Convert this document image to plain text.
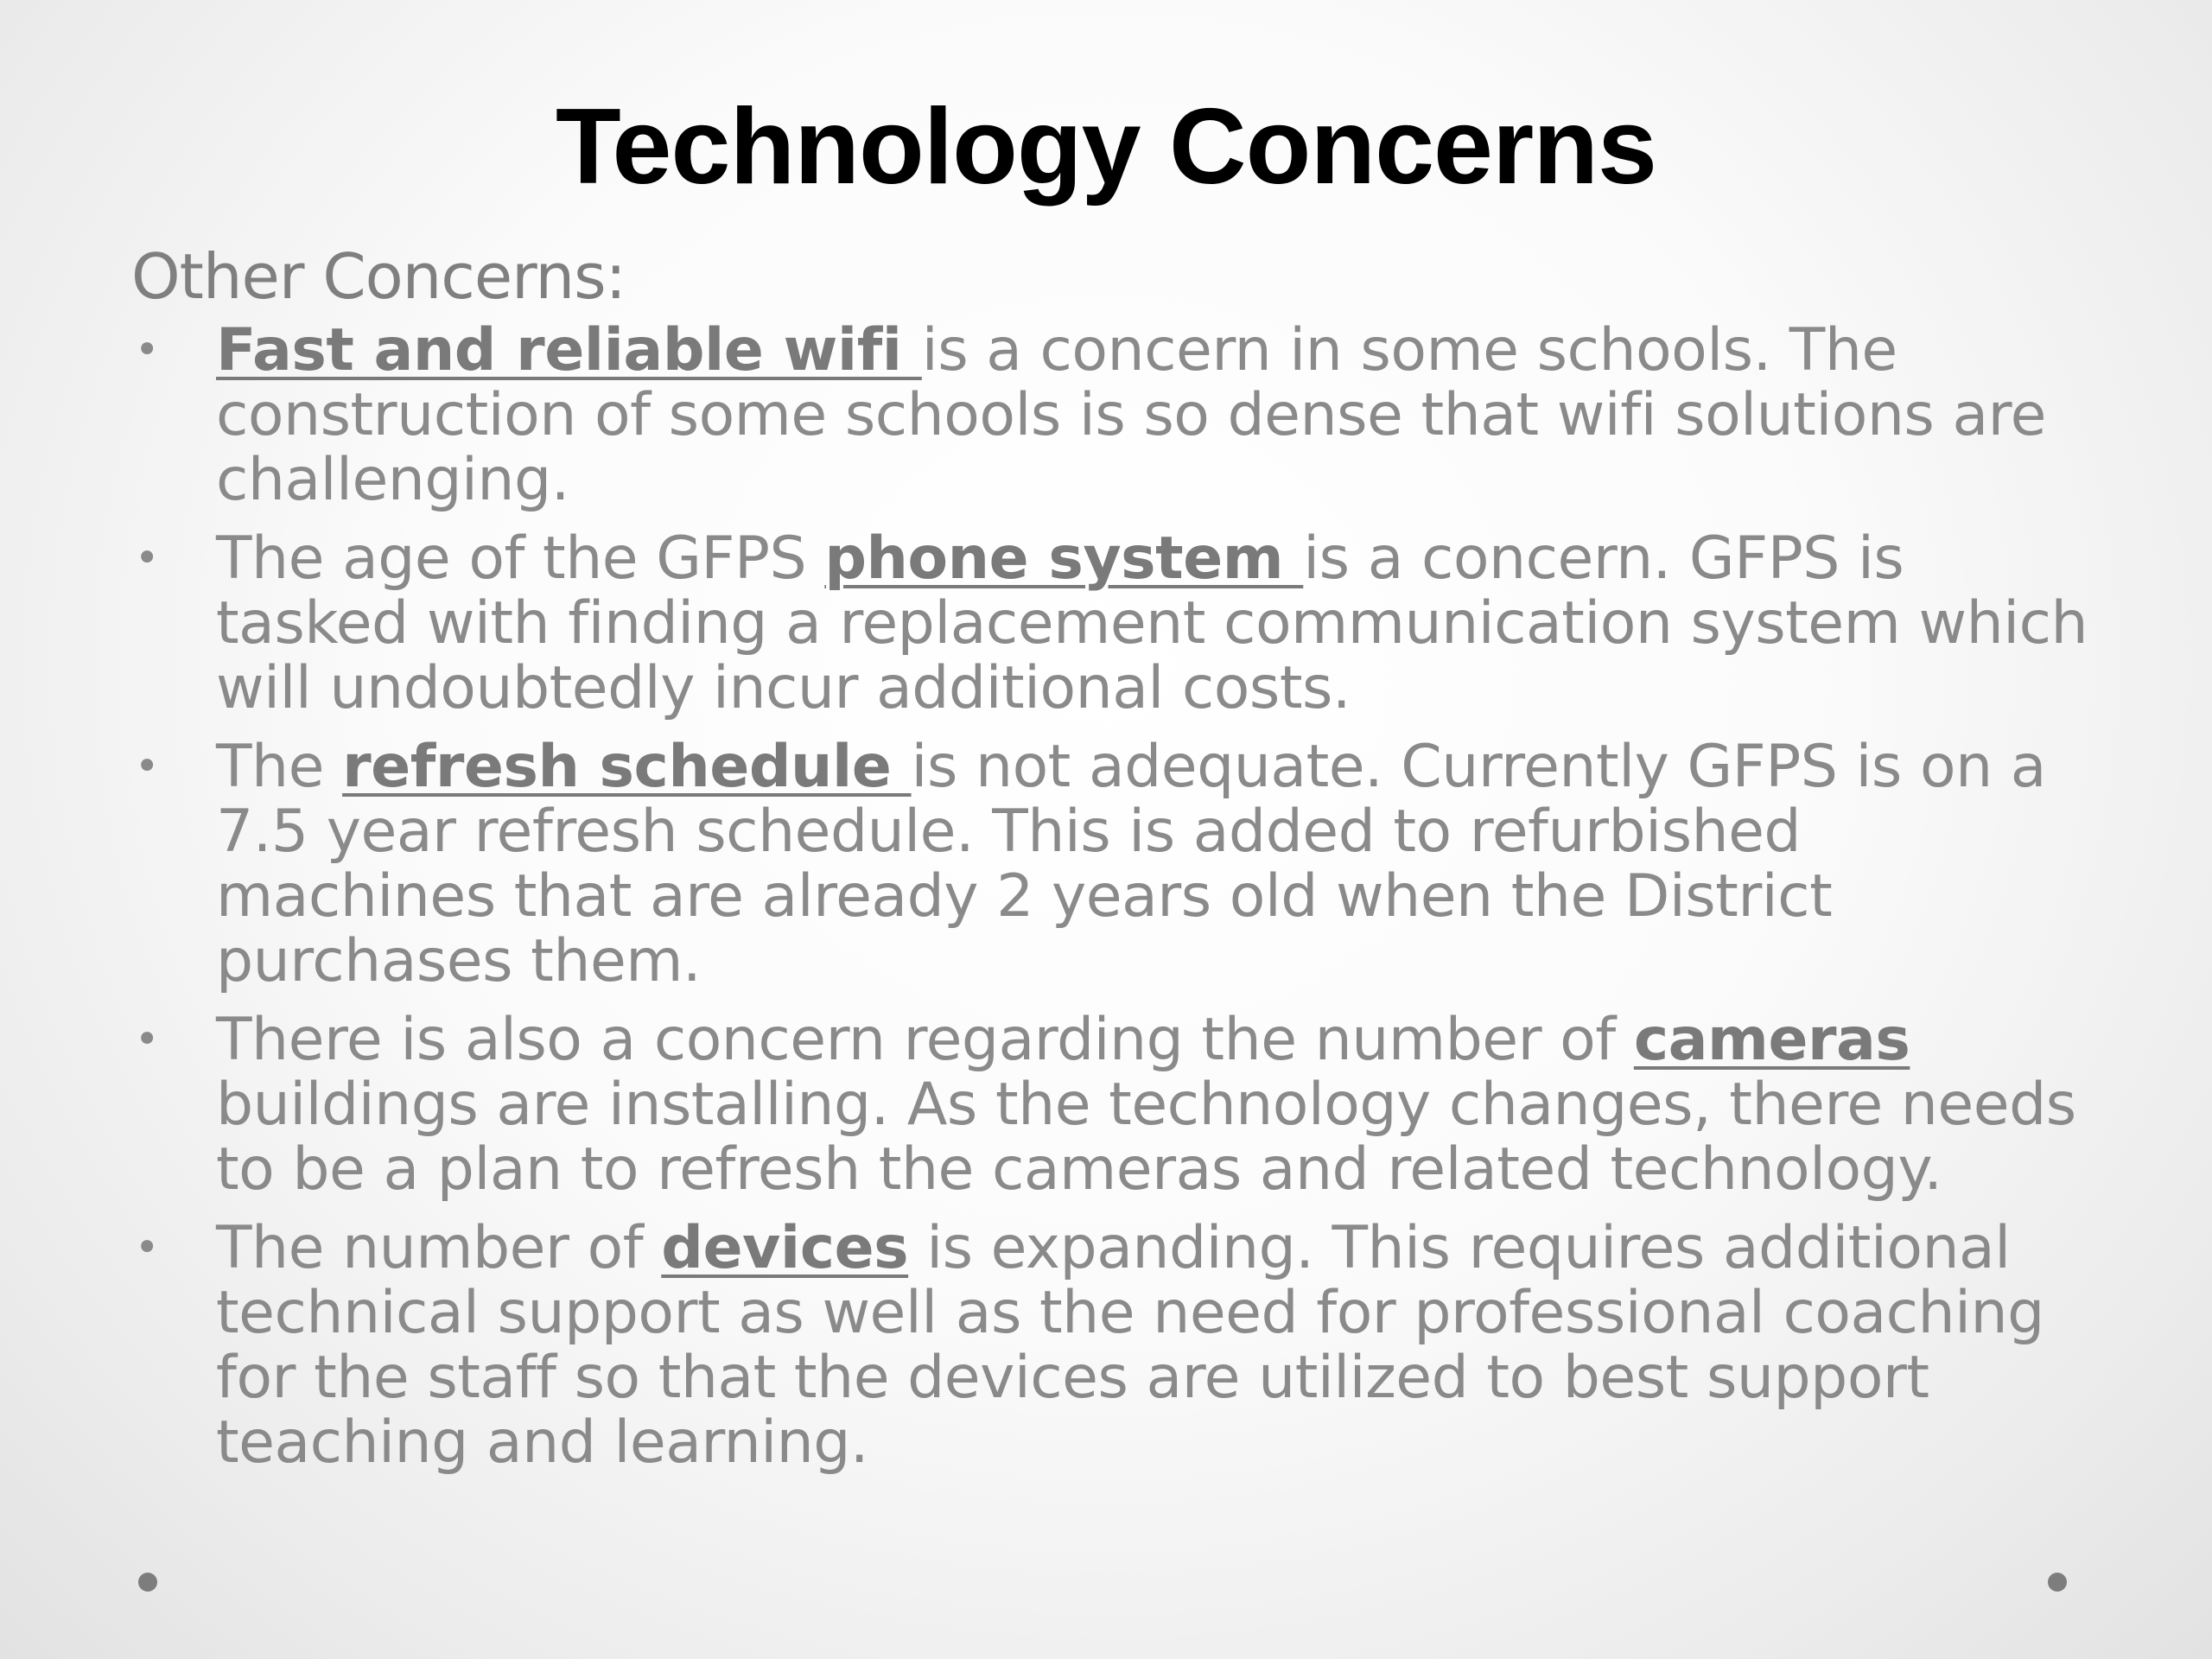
Technology Concerns
Other Concerns:
• Fast and reliable wifi is a concern in some schools. The construction of some schools is so dense that wifi solutions are challenging.
• The age of the GFPS phone system is a concern. GFPS is tasked with finding a replacement communication system which will undoubtedly incur additional costs.
• The refresh schedule is not adequate. Currently GFPS is on a 7.5 year refresh schedule. This is added to refurbished machines that are already 2 years old when the District purchases them.
• There is also a concern regarding the number of cameras buildings are installing. As the technology changes, there needs to be a plan to refresh the cameras and related technology.
• The number of devices is expanding. This requires additional technical support as well as the need for professional coaching for the staff so that the devices are utilized to best support teaching and learning.
